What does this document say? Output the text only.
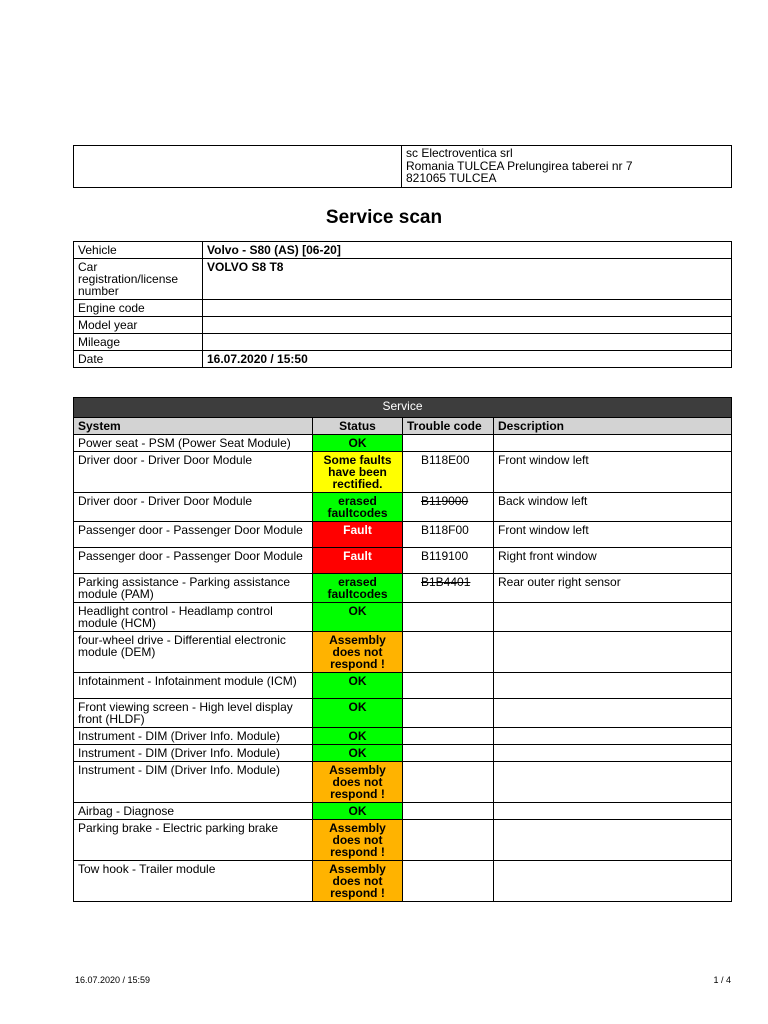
sc Electroventica srl
Romania TULCEA Prelungirea taberei nr 7
821065 TULCEA
Service scan
Vehicle	Volvo - S80 (AS) [06-20]
Car registration/license number	VOLVO S8 T8
Engine code	
Model year	
Mileage	
Date	16.07.2020 / 15:50
Service			
System	Status	Trouble code	Description
Power seat - PSM (Power Seat Module)	OK		
Driver door - Driver Door Module	Some faults have been rectified.	B118E00	Front window left
Driver door - Driver Door Module	erased faultcodes	B119000	Back window left
Passenger door - Passenger Door Module	Fault	B118F00	Front window left
Passenger door - Passenger Door Module	Fault	B119100	Right front window
Parking assistance - Parking assistance module (PAM)	erased faultcodes	B1B4401	Rear outer right sensor
Headlight control - Headlamp control module (HCM)	OK		
four-wheel drive - Differential electronic module (DEM)	Assembly does not respond !		
Infotainment - Infotainment module (ICM)	OK		
Front viewing screen - High level display front (HLDF)	OK		
Instrument - DIM (Driver Info. Module)	OK		
Instrument - DIM (Driver Info. Module)	OK		
Instrument - DIM (Driver Info. Module)	Assembly does not respond !		
Airbag - Diagnose	OK		
Parking brake - Electric parking brake	Assembly does not respond !		
Tow hook - Trailer module	Assembly does not respond !		
16.07.2020 / 15:59	1 / 4
